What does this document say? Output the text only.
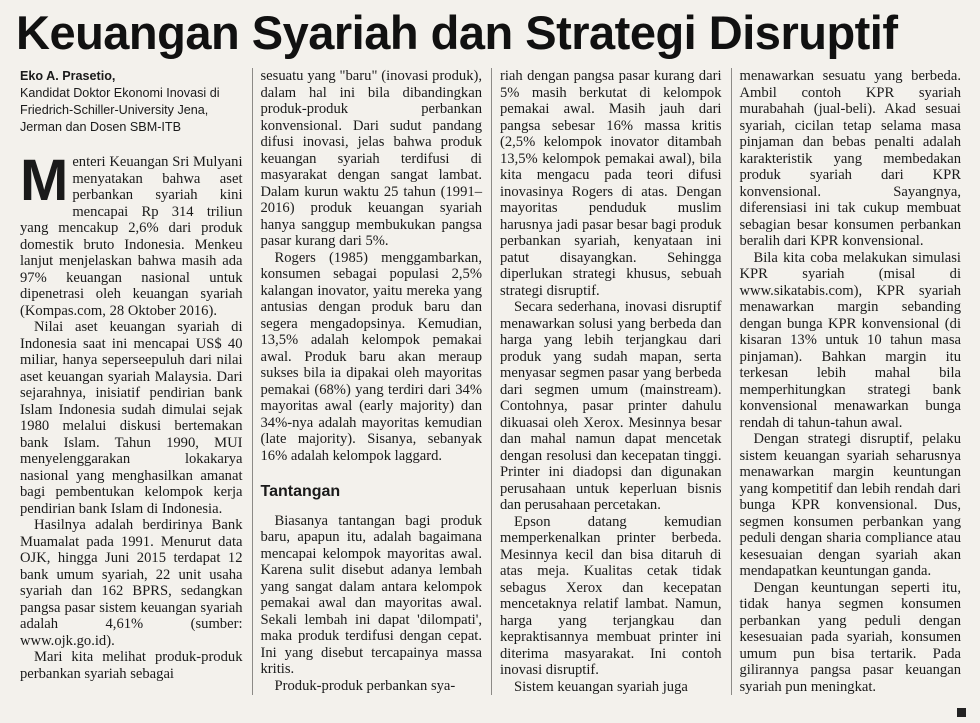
Keuangan Syariah dan Strategi Disruptif
Eko A. Prasetio,
Kandidat Doktor Ekonomi Inovasi di Friedrich-Schiller-University Jena, Jerman dan Dosen SBM-ITB

Menteri Keuangan Sri Mulyani menyatakan bahwa aset perbankan syariah kini mencapai Rp 314 triliun yang mencakup 2,6% dari produk domestik bruto Indonesia. Menkeu lanjut menjelaskan bahwa masih ada 97% keuangan nasional untuk dipenetrasi oleh keuangan syariah (Kompas.com, 28 Oktober 2016).

Nilai aset keuangan syariah di Indonesia saat ini mencapai US$ 40 miliar, hanya seperseepuluh dari nilai aset keuangan syariah Malaysia. Dari sejarahnya, inisiatif pendirian bank Islam Indonesia sudah dimulai sejak 1980 melalui diskusi bertemakan bank Islam. Tahun 1990, MUI menyelenggarakan lokakarya nasional yang menghasilkan amanat bagi pembentukan kelompok kerja pendirian bank Islam di Indonesia.

Hasilnya adalah berdirinya Bank Muamalat pada 1991. Menurut data OJK, hingga Juni 2015 terdapat 12 bank umum syariah, 22 unit usaha syariah dan 162 BPRS, sedangkan pangsa pasar sistem keuangan syariah adalah 4,61% (sumber: www.ojk.go.id).

Mari kita melihat produk-produk perbankan syariah sebagai

sesuatu yang "baru" (inovasi produk), dalam hal ini bila dibandingkan produk-produk perbankan konvensional. Dari sudut pandang difusi inovasi, jelas bahwa produk keuangan syariah terdifusi di masyarakat dengan sangat lambat. Dalam kurun waktu 25 tahun (1991–2016) produk keuangan syariah hanya sanggup membukukan pangsa pasar kurang dari 5%.

Rogers (1985) menggambarkan, konsumen sebagai populasi 2,5% kalangan inovator, yaitu mereka yang antusias dengan produk baru dan segera mengadopsinya. Kemudian, 13,5% adalah kelompok pemakai awal. Produk baru akan meraup sukses bila ia dipakai oleh mayoritas pemakai (68%) yang terdiri dari 34% mayoritas awal (early majority) dan 34%-nya adalah mayoritas kemudian (late majority). Sisanya, sebanyak 16% adalah kelompok laggard.

Tantangan

Biasanya tantangan bagi produk baru, apapun itu, adalah bagaimana mencapai kelompok mayoritas awal. Karena sulit disebut adanya lembah yang sangat dalam antara kelompok pemakai awal dan mayoritas awal. Sekali lembah ini dapat 'dilompati', maka produk terdifusi dengan cepat. Ini yang disebut tercapainya massa kritis.

Produk-produk perbankan sya-

riah dengan pangsa pasar kurang dari 5% masih berkutat di kelompok pemakai awal. Masih jauh dari pangsa sebesar 16% massa kritis (2,5% kelompok inovator ditambah 13,5% kelompok pemakai awal), bila kita mengacu pada teori difusi inovasinya Rogers di atas. Dengan mayoritas penduduk muslim harusnya jadi pasar besar bagi produk perbankan syariah, kenyataan ini patut disayangkan. Sehingga diperlukan strategi khusus, sebuah strategi disruptif.

Secara sederhana, inovasi disruptif menawarkan solusi yang berbeda dan harga yang lebih terjangkau dari produk yang sudah mapan, serta menyasar segmen pasar yang berbeda dari segmen umum (mainstream). Contohnya, pasar printer dahulu dikuasai oleh Xerox. Mesinnya besar dan mahal namun dapat mencetak dengan resolusi dan kecepatan tinggi. Printer ini diadopsi dan digunakan perusahaan untuk keperluan bisnis dan perusahaan percetakan.

Epson datang kemudian memperkenalkan printer berbeda. Mesinnya kecil dan bisa ditaruh di atas meja. Kualitas cetak tidak sebagus Xerox dan kecepatan mencetaknya relatif lambat. Namun, harga yang terjangkau dan kepraktisannya membuat printer ini diterima masyarakat. Ini contoh inovasi disruptif.

Sistem keuangan syariah juga

menawarkan sesuatu yang berbeda. Ambil contoh KPR syariah murabahah (jual-beli). Akad sesuai syariah, cicilan tetap selama masa pinjaman dan bebas penalti adalah karakteristik yang membedakan produk syariah dari KPR konvensional. Sayangnya, diferensiasi ini tak cukup membuat sebagian besar konsumen perbankan beralih dari KPR konvensional.

Bila kita coba melakukan simulasi KPR syariah (misal di www.sikatabis.com), KPR syariah menawarkan margin sebanding dengan bunga KPR konvensional (di kisaran 13% untuk 10 tahun masa pinjaman). Bahkan margin itu terkesan lebih mahal bila memperhitungkan strategi bank konvensional menawarkan bunga rendah di tahun-tahun awal.

Dengan strategi disruptif, pelaku sistem keuangan syariah seharusnya menawarkan margin keuntungan yang kompetitif dan lebih rendah dari bunga KPR konvensional. Dus, segmen konsumen perbankan yang peduli dengan sharia compliance atau kesesuaian dengan syariah akan mendapatkan keuntungan ganda.

Dengan keuntungan seperti itu, tidak hanya segmen konsumen perbankan yang peduli dengan kesesuaian pada syariah, konsumen umum pun bisa tertarik. Pada gilirannya pangsa pasar keuangan syariah pun meningkat.
